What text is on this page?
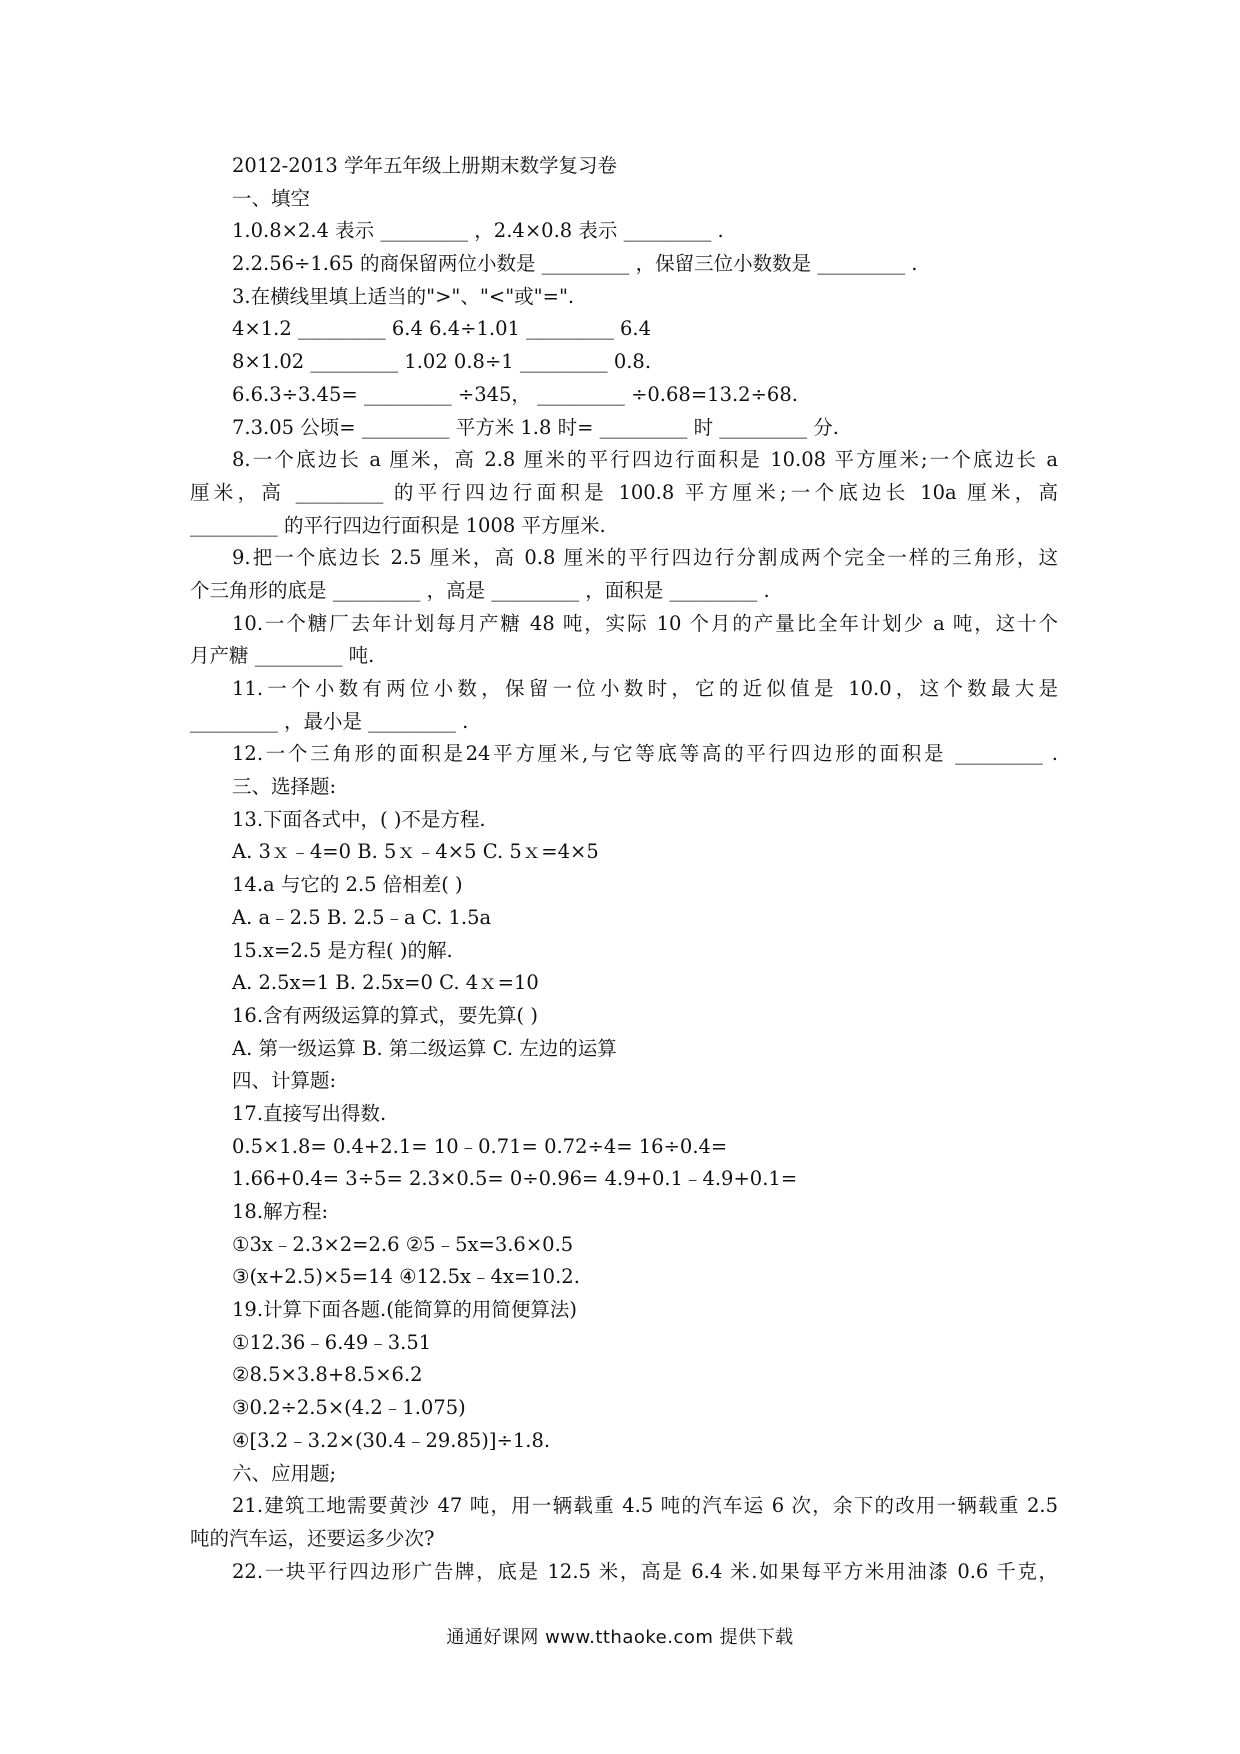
2012-2013 学年五年级上册期末数学复习卷
一、填空
1.0.8×2.4 表示 _________ ，2.4×0.8 表示 _________ .
2.2.56÷1.65 的商保留两位小数是 _________ ，保留三位小数数是 _________ .
3.在横线里填上适当的">"、"<"或"=".
4×1.2 _________ 6.4 6.4÷1.01 _________ 6.4
8×1.02 _________ 1.02 0.8÷1 _________ 0.8.
6.6.3÷3.45= _________ ÷345， _________ ÷0.68=13.2÷68.
7.3.05 公顷= _________ 平方米 1.8 时= _________ 时 _________ 分.
8.一个底边长 a 厘米，高 2.8 厘米的平行四边行面积是 10.08 平方厘米;一个底边长 a
厘米，高 _________ 的平行四边行面积是 100.8 平方厘米;一个底边长 10a 厘米，高
_________ 的平行四边行面积是 1008 平方厘米.
9.把一个底边长 2.5 厘米，高 0.8 厘米的平行四边行分割成两个完全一样的三角形，这
个三角形的底是 _________ ，高是 _________ ，面积是 _________ .
10.一个糖厂去年计划每月产糖 48 吨，实际 10 个月的产量比全年计划少 a 吨，这十个
月产糖 _________ 吨.
11.一个小数有两位小数，保留一位小数时，它的近似值是 10.0，这个数最大是
_________ ，最小是 _________ .
12.一个三角形的面积是24平方厘米,与它等底等高的平行四边形的面积是 _________ .
三、选择题:
13.下面各式中，( )不是方程.
A. 3ｘ﹣4=0 B. 5ｘ﹣4×5 C. 5ｘ=4×5
14.a 与它的 2.5 倍相差( )
A. a﹣2.5 B. 2.5﹣a C. 1.5a
15.x=2.5 是方程( )的解.
A. 2.5x=1 B. 2.5x=0 C. 4ｘ=10
16.含有两级运算的算式，要先算( )
A. 第一级运算 B. 第二级运算 C. 左边的运算
四、计算题:
17.直接写出得数.
0.5×1.8= 0.4+2.1= 10﹣0.71= 0.72÷4= 16÷0.4=
1.66+0.4= 3÷5= 2.3×0.5= 0÷0.96= 4.9+0.1﹣4.9+0.1=
18.解方程:
①3x﹣2.3×2=2.6 ②5﹣5x=3.6×0.5
③(x+2.5)×5=14 ④12.5x﹣4x=10.2.
19.计算下面各题.(能简算的用简便算法)
①12.36﹣6.49﹣3.51
②8.5×3.8+8.5×6.2
③0.2÷2.5×(4.2﹣1.075)
④[3.2﹣3.2×(30.4﹣29.85)]÷1.8.
六、应用题;
21.建筑工地需要黄沙 47 吨，用一辆载重 4.5 吨的汽车运 6 次，余下的改用一辆载重 2.5
吨的汽车运，还要运多少次?
22.一块平行四边形广告牌，底是 12.5 米，高是 6.4 米.如果每平方米用油漆 0.6 千克，
通通好课网 www.tthaoke.com 提供下载
